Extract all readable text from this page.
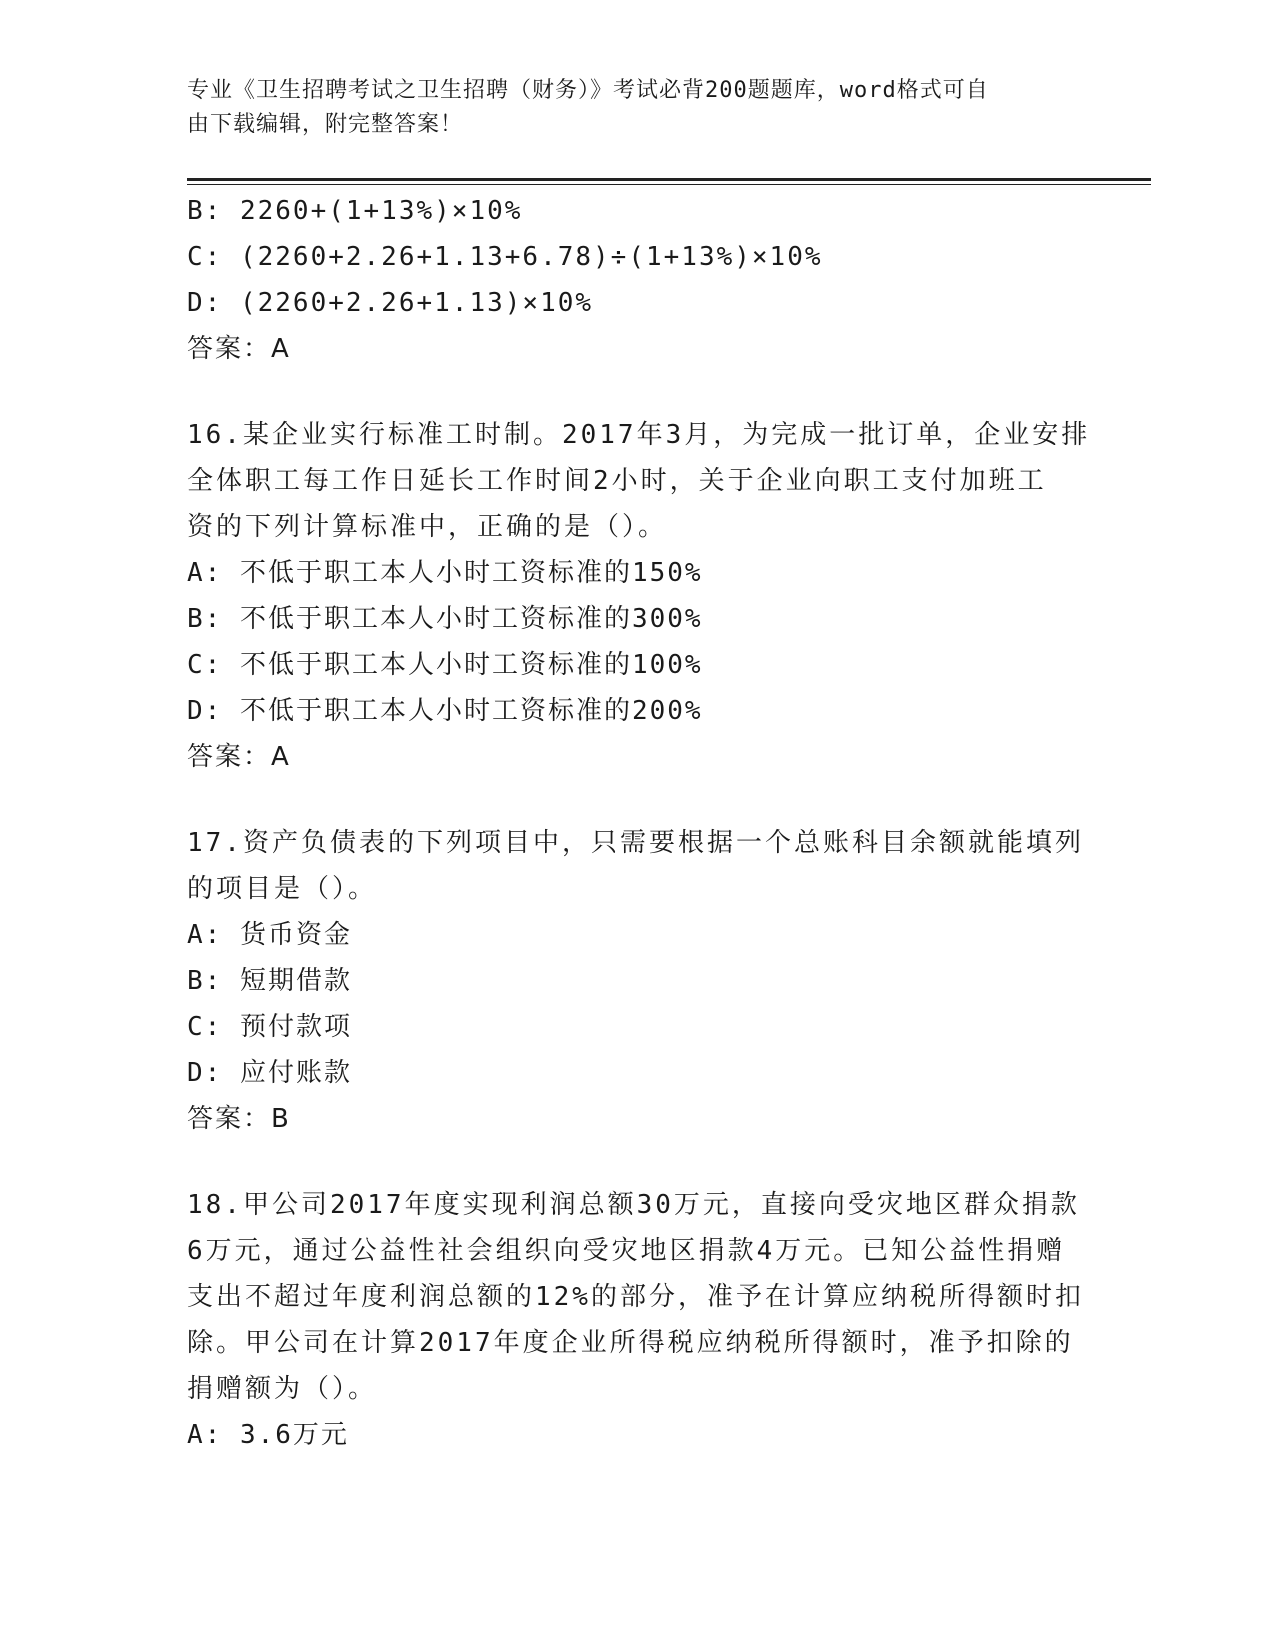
专业《卫生招聘考试之卫生招聘（财务）》考试必背200题题库，word格式可自
由下载编辑，附完整答案！
B: 2260+(1+13%)×10%
C: (2260+2.26+1.13+6.78)÷(1+13%)×10%
D: (2260+2.26+1.13)×10%
答案：A
16.某企业实行标准工时制。2017年3月，为完成一批订单，企业安排
全体职工每工作日延长工作时间2小时，关于企业向职工支付加班工
资的下列计算标准中，正确的是（）。
A: 不低于职工本人小时工资标准的150%
B: 不低于职工本人小时工资标准的300%
C: 不低于职工本人小时工资标准的100%
D: 不低于职工本人小时工资标准的200%
答案：A
17.资产负债表的下列项目中，只需要根据一个总账科目余额就能填列
的项目是（）。
A: 货币资金
B: 短期借款
C: 预付款项
D: 应付账款
答案：B
18.甲公司2017年度实现利润总额30万元，直接向受灾地区群众捐款
6万元，通过公益性社会组织向受灾地区捐款4万元。已知公益性捐赠
支出不超过年度利润总额的12%的部分，准予在计算应纳税所得额时扣
除。甲公司在计算2017年度企业所得税应纳税所得额时，准予扣除的
捐赠额为（）。
A: 3.6万元
